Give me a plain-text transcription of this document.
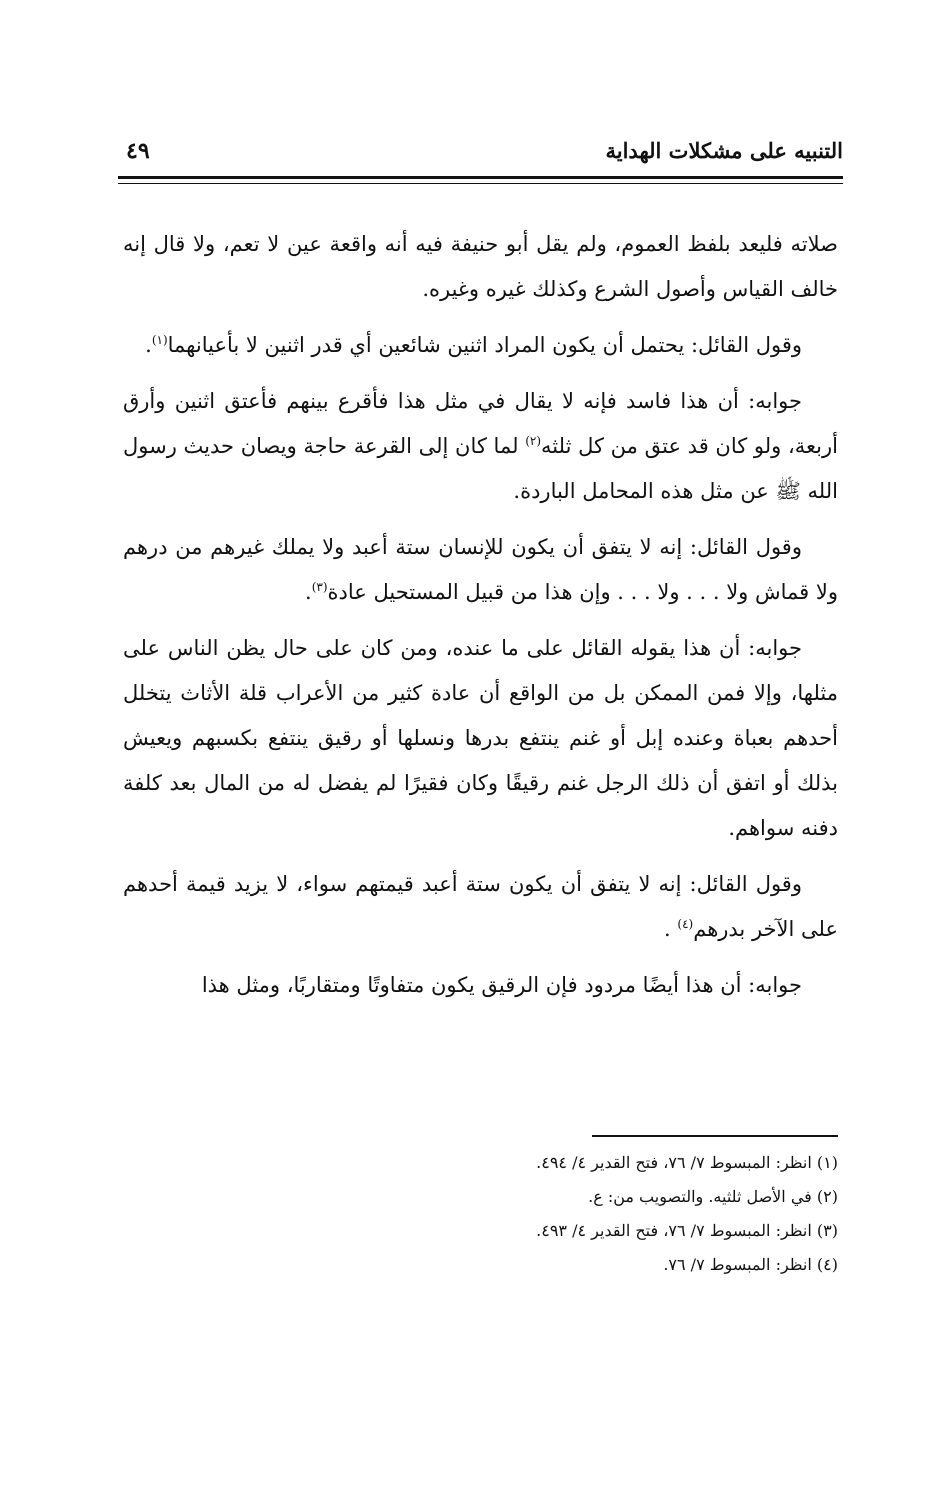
التنبيه على مشكلات الهداية
٤٩

صلاته فليعد بلفظ العموم، ولم يقل أبو حنيفة فيه أنه واقعة عين لا تعم، ولا قال إنه خالف القياس وأصول الشرع وكذلك غيره وغيره.

وقول القائل: يحتمل أن يكون المراد اثنين شائعين أي قدر اثنين لا بأعيانهما$^{(١)}$.

جوابه: أن هذا فاسد فإنه لا يقال في مثل هذا فأقرع بينهم فأعتق اثنين وأرق أربعة، ولو كان قد عتق من كل ثلثه$^{(٢)}$ لما كان إلى القرعة حاجة ويصان حديث رسول الله ﷺ عن مثل هذه المحامل الباردة.

وقول القائل: إنه لا يتفق أن يكون للإنسان ستة أعبد ولا يملك غيرهم من درهم ولا قماش ولا . . . ولا . . . وإن هذا من قبيل المستحيل عادة$^{(٣)}$.

جوابه: أن هذا يقوله القائل على ما عنده، ومن كان على حال يظن الناس على مثلها، وإلا فمن الممكن بل من الواقع أن عادة كثير من الأعراب قلة الأثاث يتخلل أحدهم بعباة وعنده إبل أو غنم ينتفع بدرها ونسلها أو رقيق ينتفع بكسبهم ويعيش بذلك أو اتفق أن ذلك الرجل غنم رقيقًا وكان فقيرًا لم يفضل له من المال بعد كلفة دفنه سواهم.

وقول القائل: إنه لا يتفق أن يكون ستة أعبد قيمتهم سواء، لا يزيد قيمة أحدهم على الآخر بدرهم$^{(٤)}$ .

جوابه: أن هذا أيضًا مردود فإن الرقيق يكون متفاوتًا ومتقاربًا، ومثل هذا

(١) انظر: المبسوط ٧/ ٧٦، فتح القدير ٤/ ٤٩٤.

(٢) في الأصل ثلثيه. والتصويب من: ع.

(٣) انظر: المبسوط ٧/ ٧٦، فتح القدير ٤/ ٤٩٣.

(٤) انظر: المبسوط ٧/ ٧٦.
